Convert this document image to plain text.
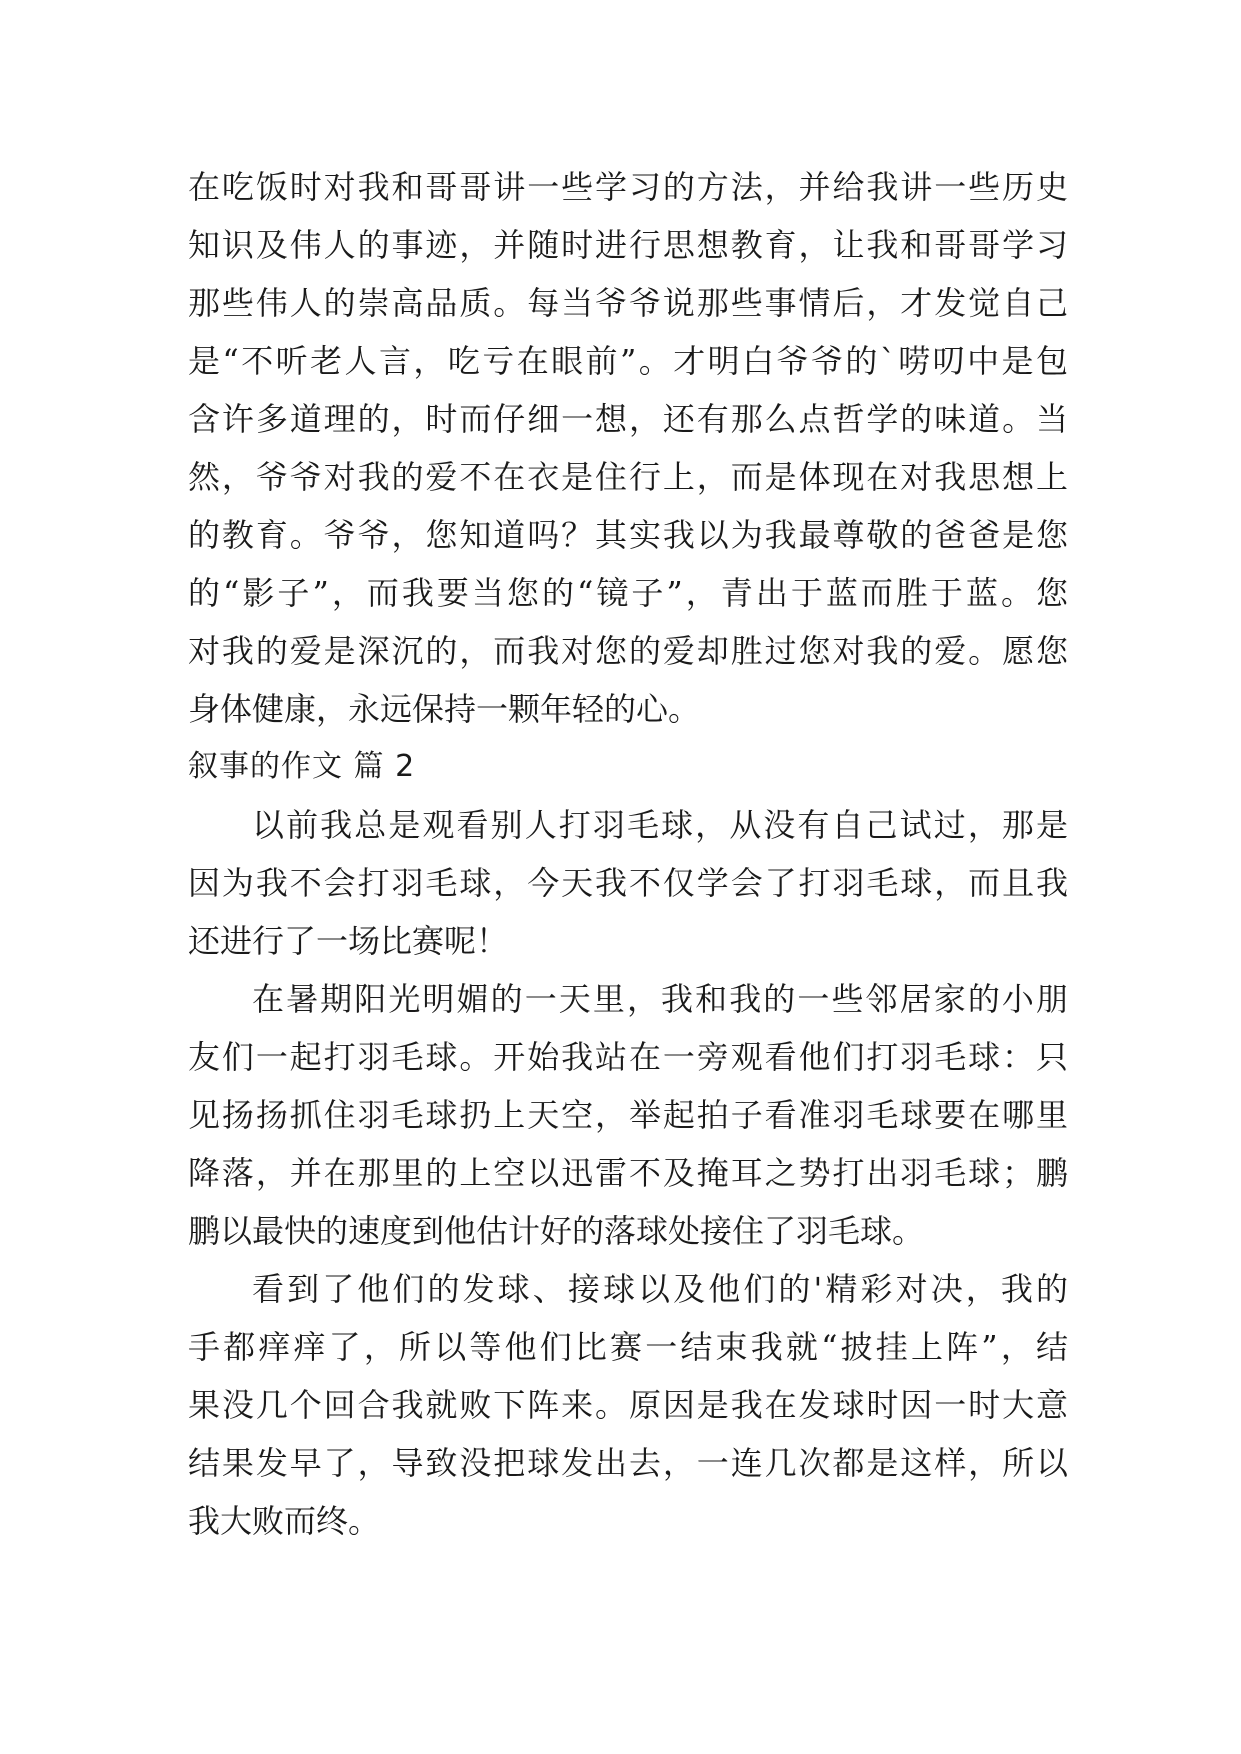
在吃饭时对我和哥哥讲一些学习的方法，并给我讲一些历史
知识及伟人的事迹，并随时进行思想教育，让我和哥哥学习
那些伟人的崇高品质。每当爷爷说那些事情后，才发觉自己
是“不听老人言，吃亏在眼前”。才明白爷爷的`唠叨中是包
含许多道理的，时而仔细一想，还有那么点哲学的味道。当
然，爷爷对我的爱不在衣是住行上，而是体现在对我思想上
的教育。爷爷，您知道吗？其实我以为我最尊敬的爸爸是您
的“影子”，而我要当您的“镜子”，青出于蓝而胜于蓝。您
对我的爱是深沉的，而我对您的爱却胜过您对我的爱。愿您
身体健康，永远保持一颗年轻的心。
叙事的作文 篇 2
以前我总是观看别人打羽毛球，从没有自己试过，那是
因为我不会打羽毛球，今天我不仅学会了打羽毛球，而且我
还进行了一场比赛呢！
在暑期阳光明媚的一天里，我和我的一些邻居家的小朋
友们一起打羽毛球。开始我站在一旁观看他们打羽毛球：只
见扬扬抓住羽毛球扔上天空，举起拍子看准羽毛球要在哪里
降落，并在那里的上空以迅雷不及掩耳之势打出羽毛球；鹏
鹏以最快的速度到他估计好的落球处接住了羽毛球。
看到了他们的发球、接球以及他们的'精彩对决，我的
手都痒痒了，所以等他们比赛一结束我就“披挂上阵”，结
果没几个回合我就败下阵来。原因是我在发球时因一时大意
结果发早了，导致没把球发出去，一连几次都是这样，所以
我大败而终。
